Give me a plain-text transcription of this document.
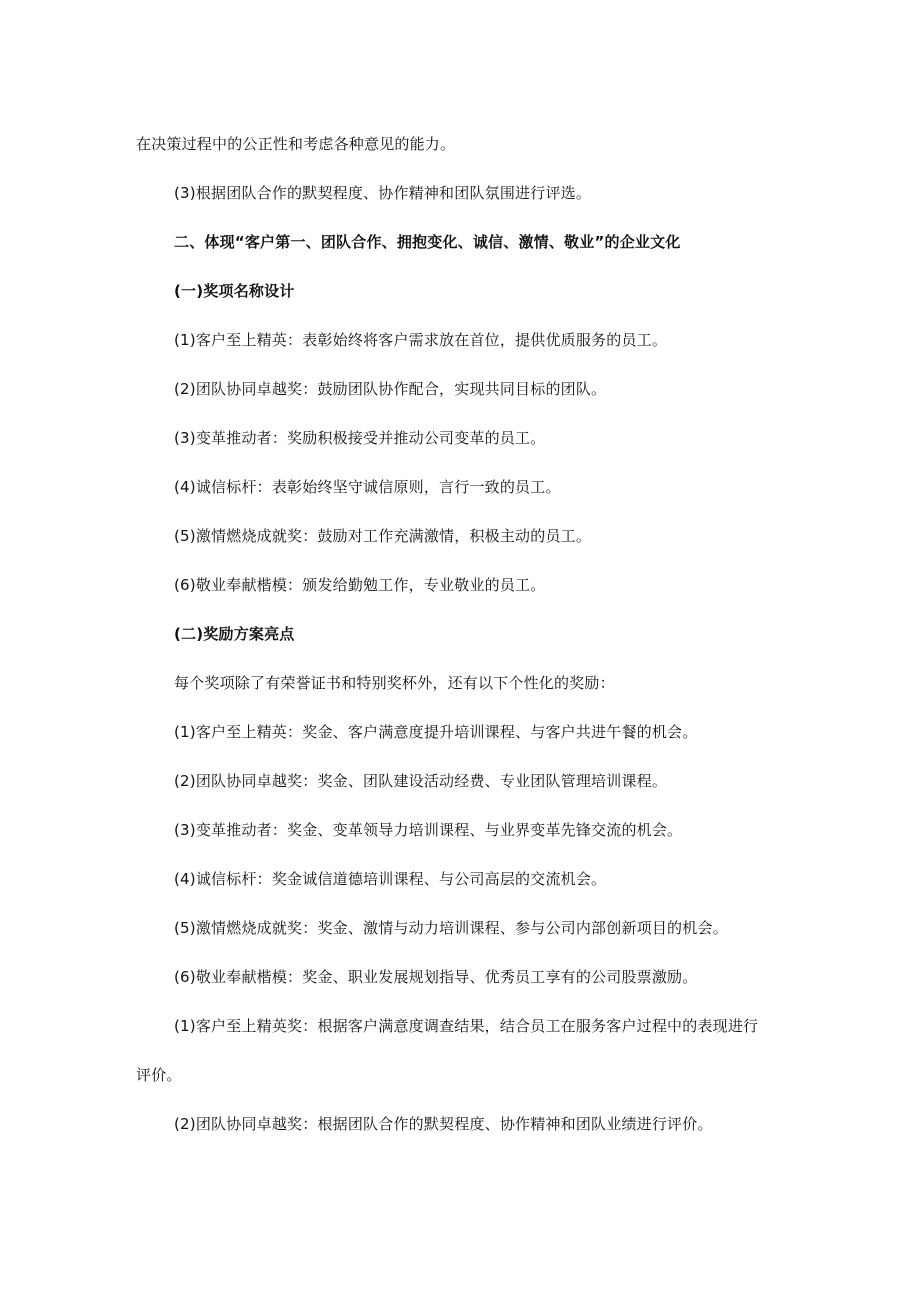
在决策过程中的公正性和考虑各种意见的能力。
(3)根据团队合作的默契程度、协作精神和团队氛围进行评选。
二、体现“客户第一、团队合作、拥抱变化、诚信、激情、敬业”的企业文化
(一)奖项名称设计
(1)客户至上精英：表彰始终将客户需求放在首位，提供优质服务的员工。
(2)团队协同卓越奖：鼓励团队协作配合，实现共同目标的团队。
(3)变革推动者：奖励积极接受并推动公司变革的员工。
(4)诚信标杆：表彰始终坚守诚信原则，言行一致的员工。
(5)激情燃烧成就奖：鼓励对工作充满激情，积极主动的员工。
(6)敬业奉献楷模：颁发给勤勉工作，专业敬业的员工。
(二)奖励方案亮点
每个奖项除了有荣誉证书和特别奖杯外，还有以下个性化的奖励：
(1)客户至上精英：奖金、客户满意度提升培训课程、与客户共进午餐的机会。
(2)团队协同卓越奖：奖金、团队建设活动经费、专业团队管理培训课程。
(3)变革推动者：奖金、变革领导力培训课程、与业界变革先锋交流的机会。
(4)诚信标杆：奖金诚信道德培训课程、与公司高层的交流机会。
(5)激情燃烧成就奖：奖金、激情与动力培训课程、参与公司内部创新项目的机会。
(6)敬业奉献楷模：奖金、职业发展规划指导、优秀员工享有的公司股票激励。
(1)客户至上精英奖：根据客户满意度调查结果，结合员工在服务客户过程中的表现进行
评价。
(2)团队协同卓越奖：根据团队合作的默契程度、协作精神和团队业绩进行评价。
